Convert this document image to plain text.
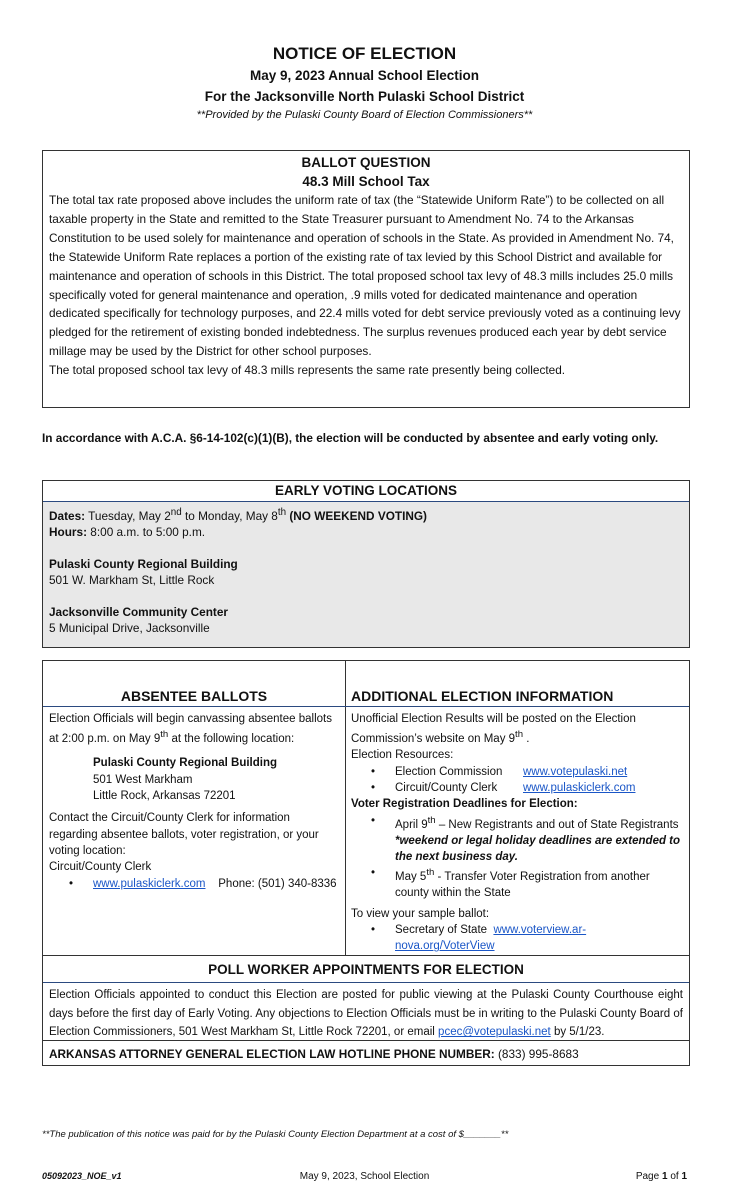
NOTICE OF ELECTION
May 9, 2023 Annual School Election
For the Jacksonville North Pulaski School District
**Provided by the Pulaski County Board of Election Commissioners**
BALLOT QUESTION
48.3 Mill School Tax

The total tax rate proposed above includes the uniform rate of tax (the “Statewide Uniform Rate”) to be collected on all taxable property in the State and remitted to the State Treasurer pursuant to Amendment No. 74 to the Arkansas Constitution to be used solely for maintenance and operation of schools in the State. As provided in Amendment No. 74, the Statewide Uniform Rate replaces a portion of the existing rate of tax levied by this School District and available for maintenance and operation of schools in this District. The total proposed school tax levy of 48.3 mills includes 25.0 mills specifically voted for general maintenance and operation, .9 mills voted for dedicated maintenance and operation dedicated specifically for technology purposes, and 22.4 mills voted for debt service previously voted as a continuing levy pledged for the retirement of existing bonded indebtedness. The surplus revenues produced each year by debt service millage may be used by the District for other school purposes.

The total proposed school tax levy of 48.3 mills represents the same rate presently being collected.

In accordance with A.C.A. §6-14-102(c)(1)(B), the election will be conducted by absentee and early voting only.
EARLY VOTING LOCATIONS
Dates: Tuesday, May 2nd to Monday, May 8th (NO WEEKEND VOTING)
Hours: 8:00 a.m. to 5:00 p.m.
Pulaski County Regional Building
501 W. Markham St, Little Rock
Jacksonville Community Center
5 Municipal Drive, Jacksonville
ABSENTEE BALLOTS
Election Officials will begin canvassing absentee ballots at 2:00 p.m. on May 9th at the following location:
Pulaski County Regional Building
501 West Markham
Little Rock, Arkansas 72201
Contact the Circuit/County Clerk for information regarding absentee ballots, voter registration, or your voting location:
Circuit/County Clerk
• www.pulaskiclerk.com Phone: (501) 340-8336
ADDITIONAL ELECTION INFORMATION
Unofficial Election Results will be posted on the Election Commission’s website on May 9th .
Election Resources:
• Election Commission www.votepulaski.net
• Circuit/County Clerk www.pulaskiclerk.com
Voter Registration Deadlines for Election:
• April 9th – New Registrants and out of State Registrants *weekend or legal holiday deadlines are extended to the next business day.
• May 5th - Transfer Voter Registration from another county within the State
To view your sample ballot:
• Secretary of State www.voterview.ar-nova.org/VoterView
POLL WORKER APPOINTMENTS FOR ELECTION
Election Officials appointed to conduct this Election are posted for public viewing at the Pulaski County Courthouse eight days before the first day of Early Voting. Any objections to Election Officials must be in writing to the Pulaski County Board of Election Commissioners, 501 West Markham St, Little Rock 72201, or email pcec@votepulaski.net by 5/1/23.
ARKANSAS ATTORNEY GENERAL ELECTION LAW HOTLINE PHONE NUMBER: (833) 995-8683
**The publication of this notice was paid for by the Pulaski County Election Department at a cost of $_______**
May 9, 2023, School Election
05092023_NOE_v1	Page 1 of 1
